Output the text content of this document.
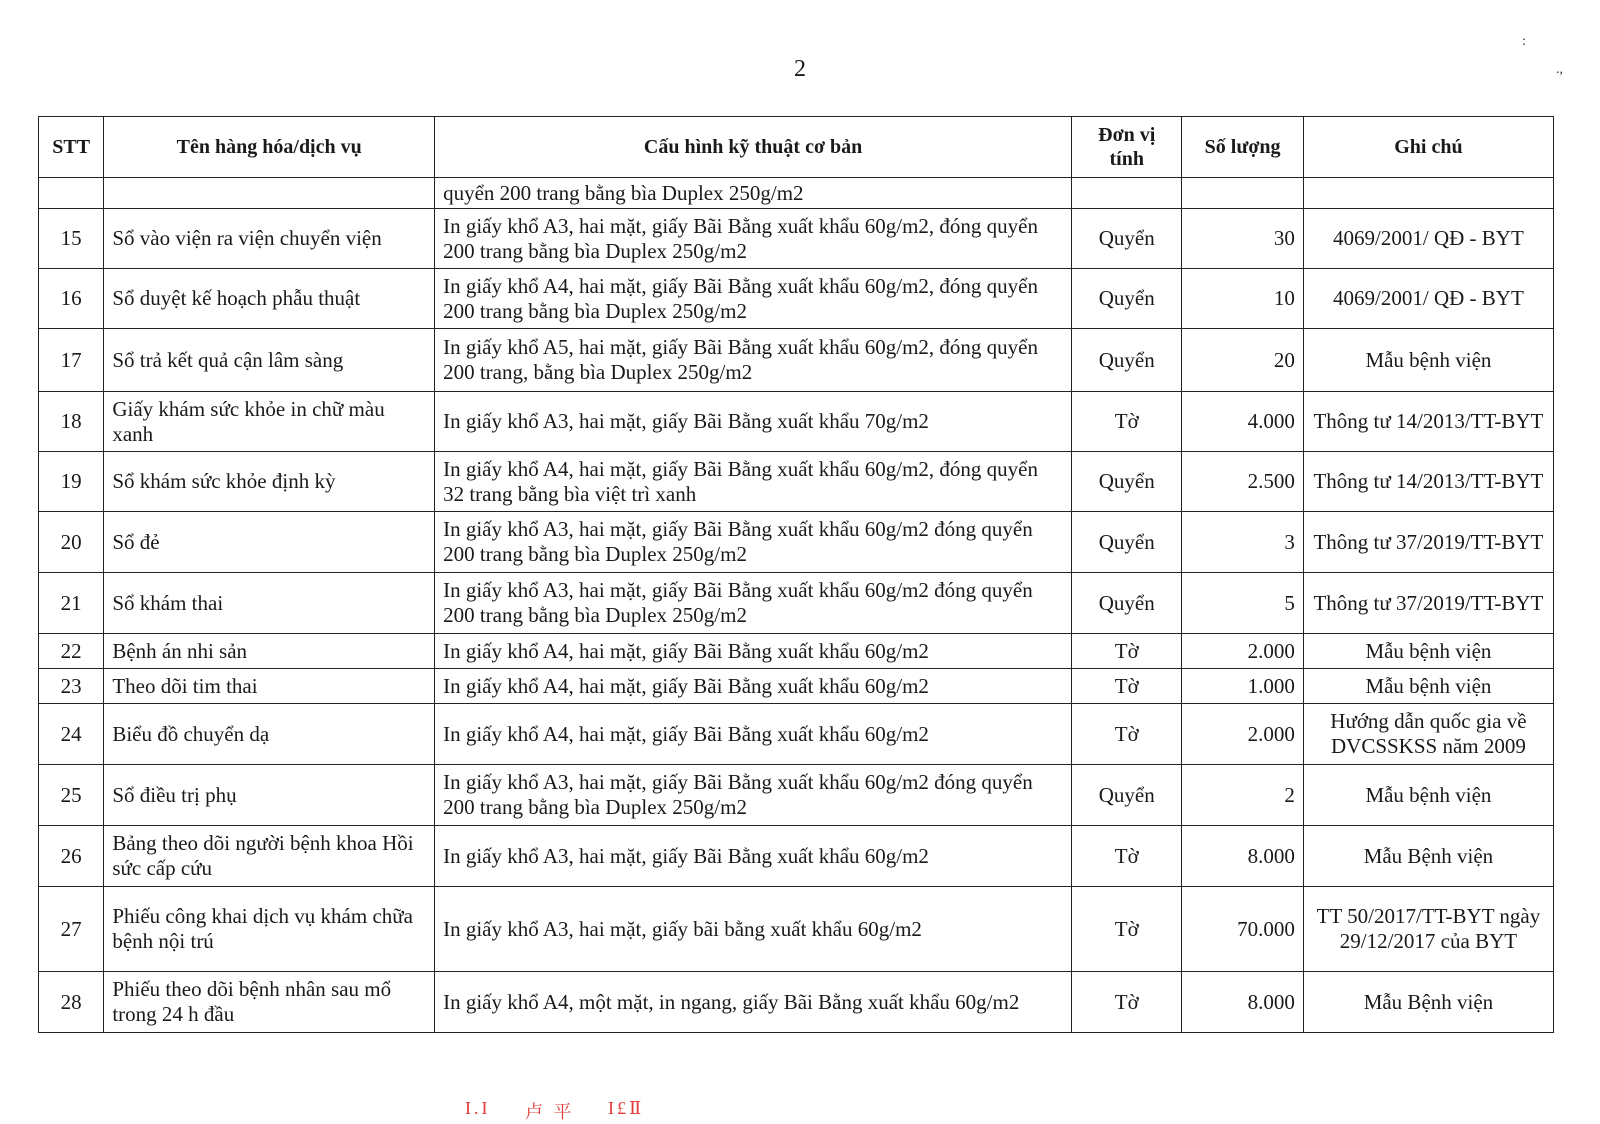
2
:
.,
STT	Tên hàng hóa/dịch vụ	Cấu hình kỹ thuật cơ bản	Đơn vị tính	Số lượng	Ghi chú
		quyển 200 trang bằng bìa Duplex 250g/m2			
15	Sổ vào viện ra viện chuyển viện	In giấy khổ A3, hai mặt, giấy Bãi Bằng xuất khẩu 60g/m2, đóng quyển 200 trang bằng bìa Duplex 250g/m2	Quyển	30	4069/2001/ QĐ - BYT
16	Sổ duyệt kế hoạch phẫu thuật	In giấy khổ A4, hai mặt, giấy Bãi Bằng xuất khẩu 60g/m2, đóng quyển 200 trang bằng bìa Duplex 250g/m2	Quyển	10	4069/2001/ QĐ - BYT
17	Sổ trả kết quả cận lâm sàng	In giấy khổ A5, hai mặt, giấy Bãi Bằng xuất khẩu 60g/m2, đóng quyển 200 trang, bằng bìa Duplex 250g/m2	Quyển	20	Mẫu bệnh viện
18	Giấy khám sức khỏe in chữ màu xanh	In giấy khổ A3, hai mặt, giấy Bãi Bằng xuất khẩu 70g/m2	Tờ	4.000	Thông tư 14/2013/TT-BYT
19	Sổ khám sức khỏe định kỳ	In giấy khổ A4, hai mặt, giấy Bãi Bằng xuất khẩu 60g/m2, đóng quyển 32 trang bằng bìa việt trì xanh	Quyển	2.500	Thông tư 14/2013/TT-BYT
20	Sổ đẻ	In giấy khổ A3, hai mặt, giấy Bãi Bằng xuất khẩu 60g/m2 đóng quyển 200 trang bằng bìa Duplex 250g/m2	Quyển	3	Thông tư 37/2019/TT-BYT
21	Sổ khám thai	In giấy khổ A3, hai mặt, giấy Bãi Bằng xuất khẩu 60g/m2 đóng quyển 200 trang bằng bìa Duplex 250g/m2	Quyển	5	Thông tư 37/2019/TT-BYT
22	Bệnh án nhi sản	In giấy khổ A4, hai mặt, giấy Bãi Bằng xuất khẩu 60g/m2	Tờ	2.000	Mẫu bệnh viện
23	Theo dõi tim thai	In giấy khổ A4, hai mặt, giấy Bãi Bằng xuất khẩu 60g/m2	Tờ	1.000	Mẫu bệnh viện
24	Biểu đồ chuyển dạ	In giấy khổ A4, hai mặt, giấy Bãi Bằng xuất khẩu 60g/m2	Tờ	2.000	Hướng dẫn quốc gia về DVCSSKSS năm 2009
25	Sổ điều trị phụ	In giấy khổ A3, hai mặt, giấy Bãi Bằng xuất khẩu 60g/m2 đóng quyển 200 trang bằng bìa Duplex 250g/m2	Quyển	2	Mẫu bệnh viện
26	Bảng theo dõi người bệnh khoa Hồi sức cấp cứu	In giấy khổ A3, hai mặt, giấy Bãi Bằng xuất khẩu 60g/m2	Tờ	8.000	Mẫu Bệnh viện
27	Phiếu công khai dịch vụ khám chữa bệnh nội trú	In giấy khổ A3, hai mặt, giấy bãi bằng xuất khẩu 60g/m2	Tờ	70.000	TT 50/2017/TT-BYT ngày 29/12/2017 của BYT
28	Phiếu theo dõi bệnh nhân sau mổ trong 24 h đầu	In giấy khổ A4, một mặt, in ngang, giấy Bãi Bằng xuất khẩu 60g/m2	Tờ	8.000	Mẫu Bệnh viện
I.I 卢 平 Ι£Ⅱ
